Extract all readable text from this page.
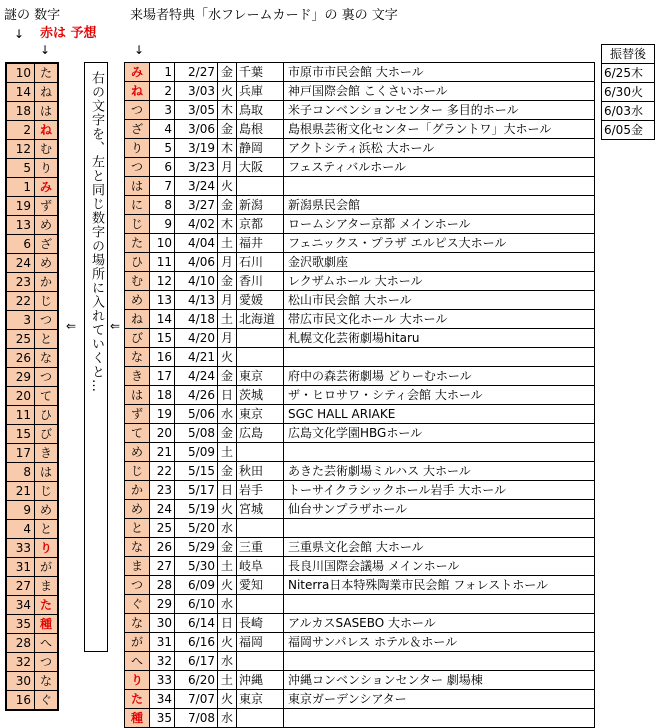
謎の 数字
↓ 赤は 予想
↓
来場者特典「水フレームカード」の 裏の 文字
↓
10	た
14	ね
18	は
2	ね
12	む
5	り
1	み
19	ず
13	め
6	ざ
24	め
23	か
22	じ
3	つ
25	と
26	な
29	つ
20	て
11	ひ
15	び
17	き
8	は
21	じ
9	め
4	と
33	り
31	が
27	ま
34	た
35	種
28	へ
32	つ
30	な
16	ぐ
⇐ 右の文字を、左と同じ数字の場所に入れていくと… ⇐
み	1	2/27	金	千葉	市原市市民会館 大ホール
ね	2	3/03	火	兵庫	神戸国際会館 こくさいホール
つ	3	3/05	木	鳥取	米子コンベンションセンター 多目的ホール
ざ	4	3/06	金	島根	島根県芸術文化センター「グラントワ」大ホール
り	5	3/19	木	静岡	アクトシティ浜松 大ホール
つ	6	3/23	月	大阪	フェスティバルホール
は	7	3/24	火		
に	8	3/27	金	新潟	新潟県民会館
じ	9	4/02	木	京都	ロームシアター京都 メインホール
た	10	4/04	土	福井	フェニックス・プラザ エルピス大ホール
ひ	11	4/06	月	石川	金沢歌劇座
む	12	4/10	金	香川	レクザムホール 大ホール
め	13	4/13	月	愛媛	松山市民会館 大ホール
ね	14	4/18	土	北海道	帯広市民文化ホール 大ホール
び	15	4/20	月		札幌文化芸術劇場hitaru
な	16	4/21	火		
き	17	4/24	金	東京	府中の森芸術劇場 どりーむホール
は	18	4/26	日	茨城	ザ・ヒロサワ・シティ会館 大ホール
ず	19	5/06	水	東京	SGC HALL ARIAKE
て	20	5/08	金	広島	広島文化学園HBGホール
め	21	5/09	土		
じ	22	5/15	金	秋田	あきた芸術劇場ミルハス 大ホール
か	23	5/17	日	岩手	トーサイクラシックホール岩手 大ホール
め	24	5/19	火	宮城	仙台サンプラザホール
と	25	5/20	水		
な	26	5/29	金	三重	三重県文化会館 大ホール
ま	27	5/30	土	岐阜	長良川国際会議場 メインホール
つ	28	6/09	火	愛知	Niterra日本特殊陶業市民会館 フォレストホール
ぐ	29	6/10	水		
な	30	6/14	日	長崎	アルカスSASEBO 大ホール
が	31	6/16	火	福岡	福岡サンパレス ホテル＆ホール
へ	32	6/17	水		
り	33	6/20	土	沖縄	沖縄コンベンションセンター 劇場棟
た	34	7/07	火	東京	東京ガーデンシアター
種	35	7/08	水		
振替後
6/25木
6/30火
6/03水
6/05金
